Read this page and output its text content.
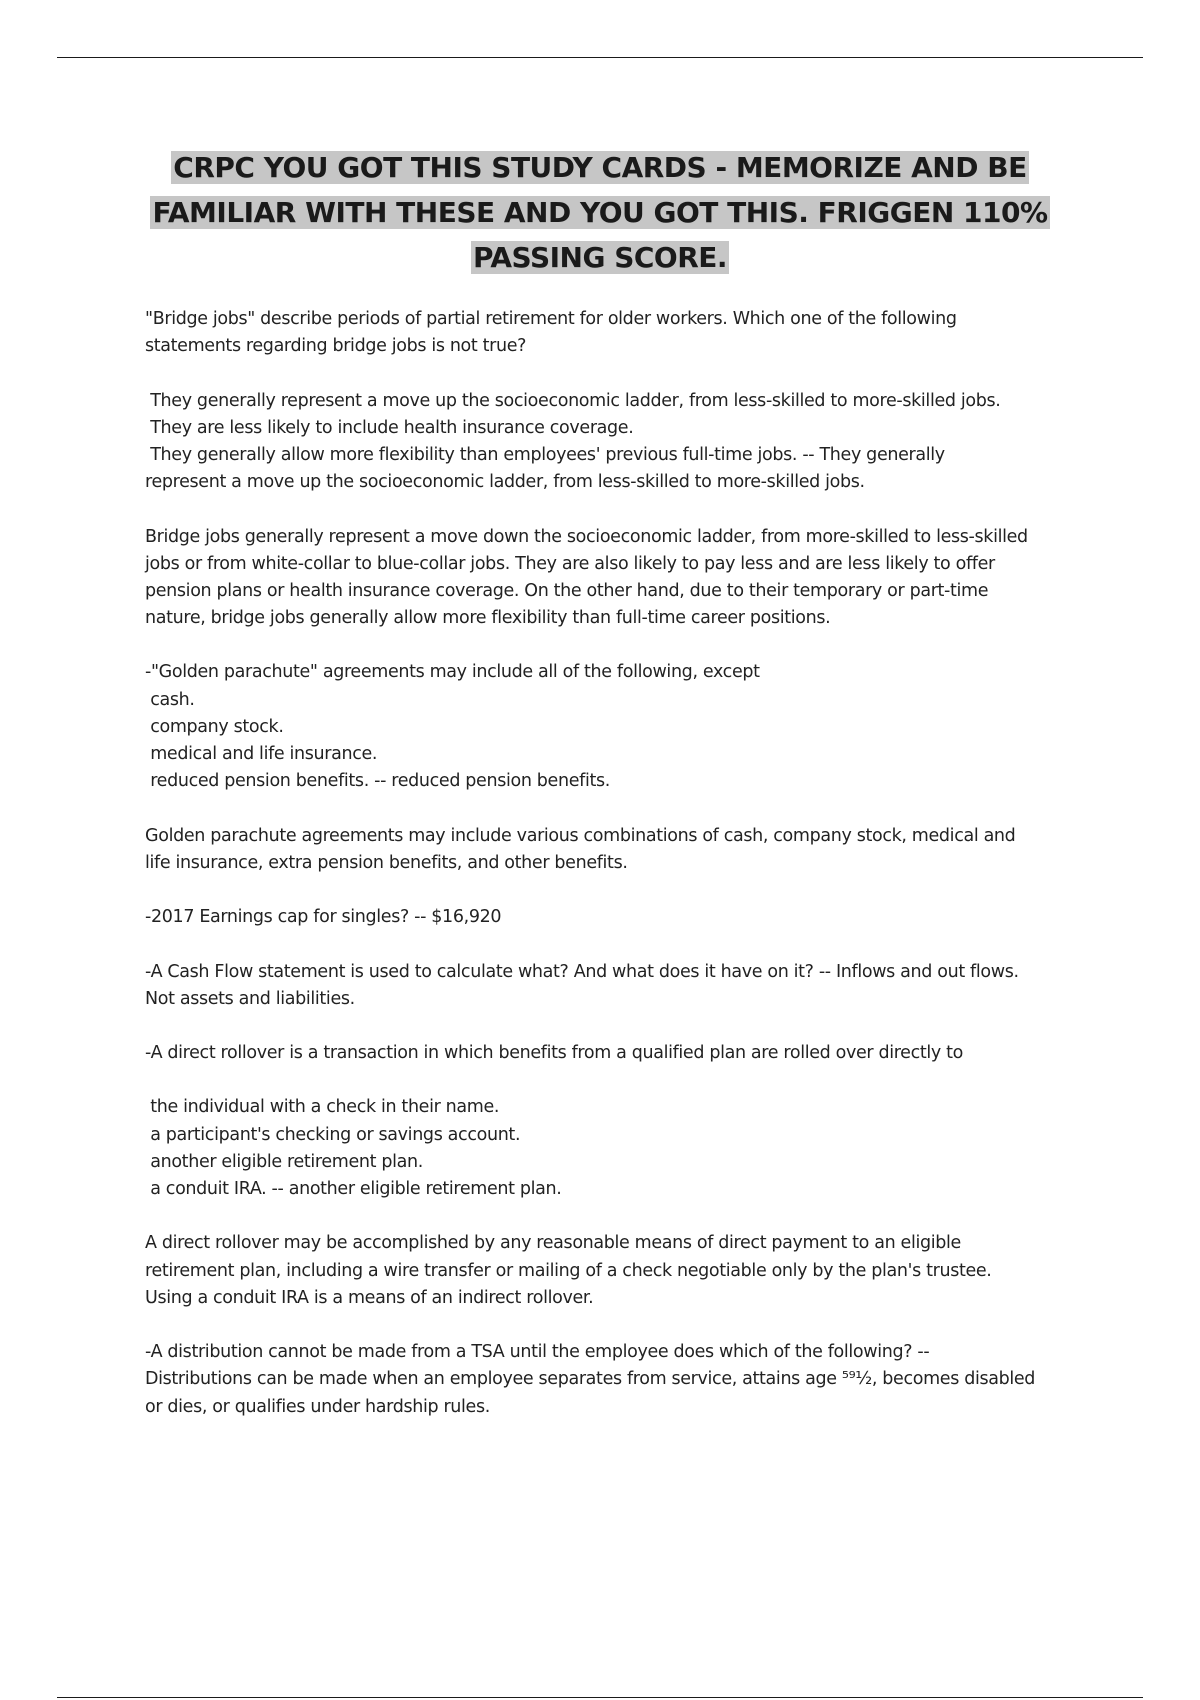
CRPC YOU GOT THIS STUDY CARDS - MEMORIZE AND BE
FAMILIAR WITH THESE AND YOU GOT THIS. FRIGGEN 110%
PASSING SCORE.
"Bridge jobs" describe periods of partial retirement for older workers. Which one of the following
statements regarding bridge jobs is not true?
They generally represent a move up the socioeconomic ladder, from less-skilled to more-skilled jobs.
They are less likely to include health insurance coverage.
They generally allow more flexibility than employees' previous full-time jobs. -- They generally
represent a move up the socioeconomic ladder, from less-skilled to more-skilled jobs.
Bridge jobs generally represent a move down the socioeconomic ladder, from more-skilled to less-skilled
jobs or from white-collar to blue-collar jobs. They are also likely to pay less and are less likely to offer
pension plans or health insurance coverage. On the other hand, due to their temporary or part-time
nature, bridge jobs generally allow more flexibility than full-time career positions.
-"Golden parachute" agreements may include all of the following, except
cash.
company stock.
medical and life insurance.
reduced pension benefits. -- reduced pension benefits.
Golden parachute agreements may include various combinations of cash, company stock, medical and
life insurance, extra pension benefits, and other benefits.
-2017 Earnings cap for singles? -- $16,920
-A Cash Flow statement is used to calculate what? And what does it have on it? -- Inflows and out flows.
Not assets and liabilities.
-A direct rollover is a transaction in which benefits from a qualified plan are rolled over directly to
the individual with a check in their name.
a participant's checking or savings account.
another eligible retirement plan.
a conduit IRA. -- another eligible retirement plan.
A direct rollover may be accomplished by any reasonable means of direct payment to an eligible
retirement plan, including a wire transfer or mailing of a check negotiable only by the plan's trustee.
Using a conduit IRA is a means of an indirect rollover.
-A distribution cannot be made from a TSA until the employee does which of the following? --
Distributions can be made when an employee separates from service, attains age ⁵⁹½, becomes disabled
or dies, or qualifies under hardship rules.
